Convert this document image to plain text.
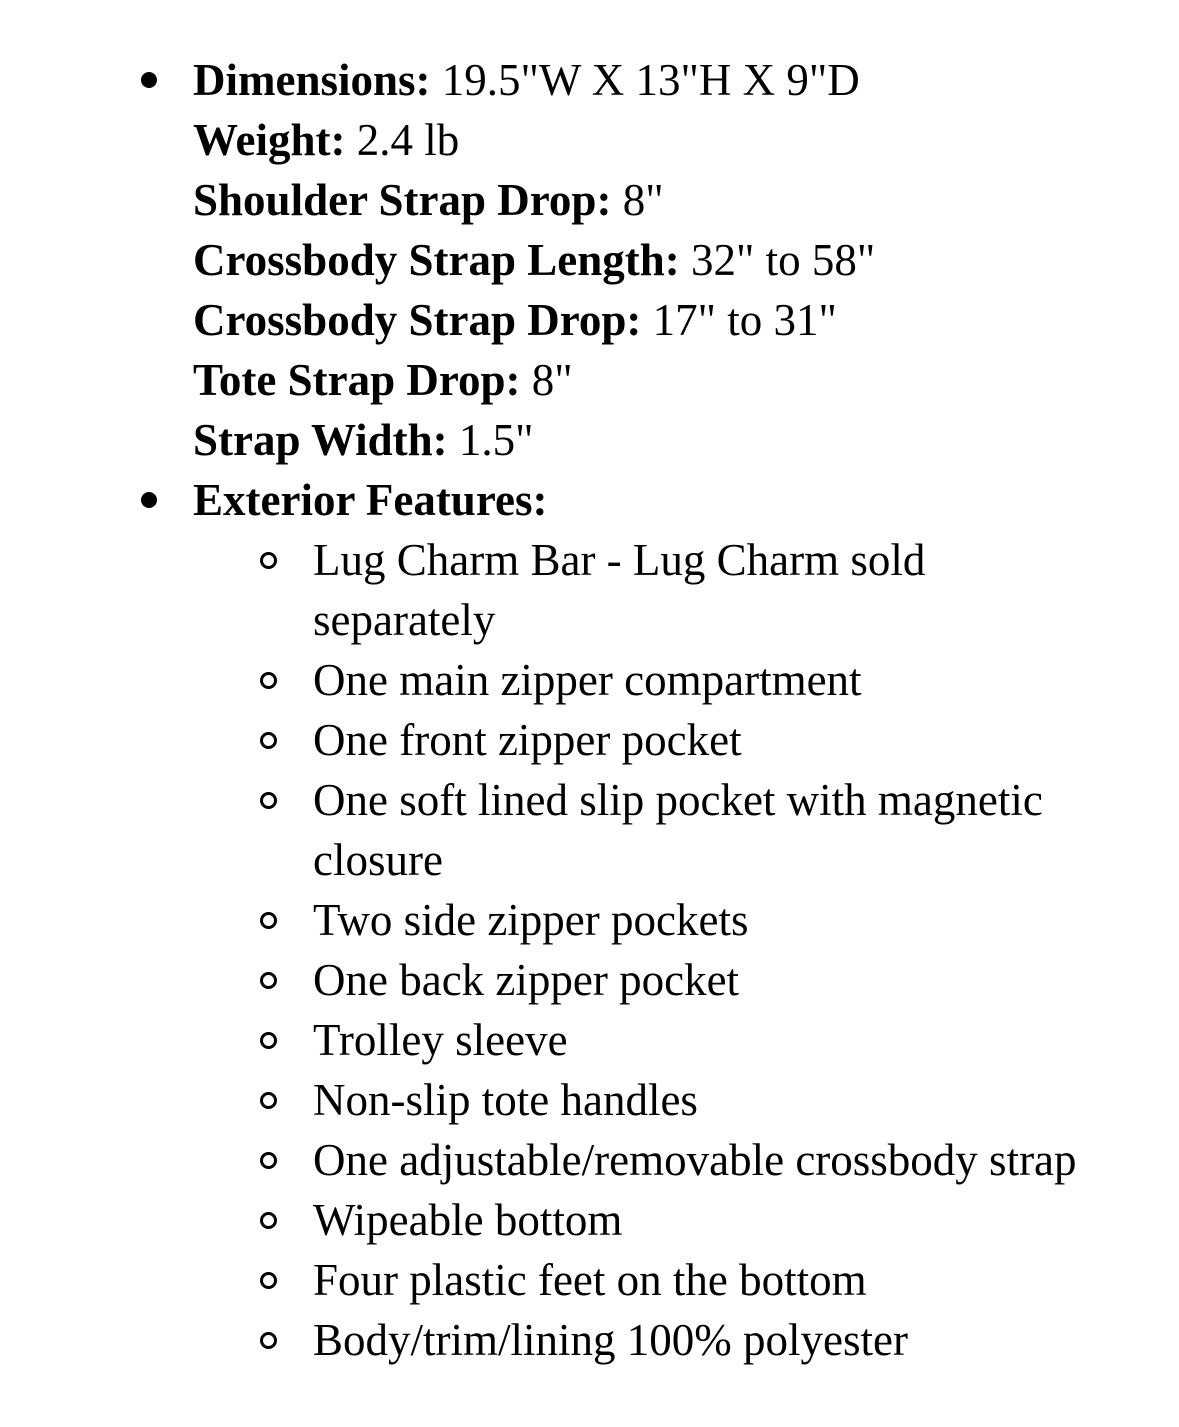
Dimensions: 19.5"W X 13"H X 9"D
Weight: 2.4 lb
Shoulder Strap Drop: 8"
Crossbody Strap Length: 32" to 58"
Crossbody Strap Drop: 17" to 31"
Tote Strap Drop: 8"
Strap Width: 1.5"
Exterior Features:
Lug Charm Bar - Lug Charm sold separately
One main zipper compartment
One front zipper pocket
One soft lined slip pocket with magnetic closure
Two side zipper pockets
One back zipper pocket
Trolley sleeve
Non-slip tote handles
One adjustable/removable crossbody strap
Wipeable bottom
Four plastic feet on the bottom
Body/trim/lining 100% polyester
